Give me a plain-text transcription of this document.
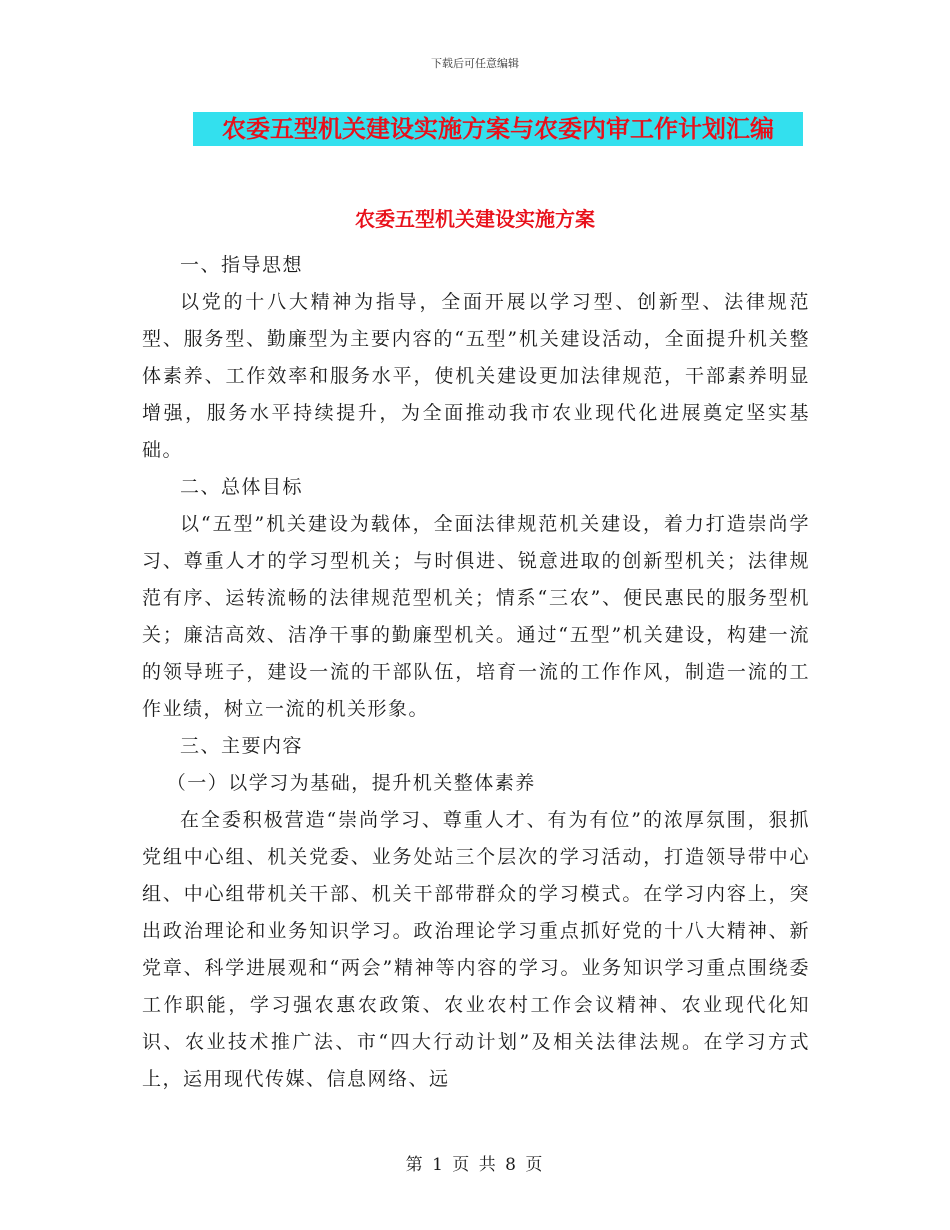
下载后可任意编辑
农委五型机关建设实施方案与农委内审工作计划汇编
农委五型机关建设实施方案

一、指导思想

以党的十八大精神为指导，全面开展以学习型、创新型、法律规范型、服务型、勤廉型为主要内容的“五型”机关建设活动，全面提升机关整体素养、工作效率和服务水平，使机关建设更加法律规范，干部素养明显增强，服务水平持续提升，为全面推动我市农业现代化进展奠定坚实基础。

二、总体目标

以“五型”机关建设为载体，全面法律规范机关建设，着力打造崇尚学习、尊重人才的学习型机关；与时俱进、锐意进取的创新型机关；法律规范有序、运转流畅的法律规范型机关；情系“三农”、便民惠民的服务型机关；廉洁高效、洁净干事的勤廉型机关。通过“五型”机关建设，构建一流的领导班子，建设一流的干部队伍，培育一流的工作作风，制造一流的工作业绩，树立一流的机关形象。

三、主要内容

（一）以学习为基础，提升机关整体素养

在全委积极营造“崇尚学习、尊重人才、有为有位”的浓厚氛围，狠抓党组中心组、机关党委、业务处站三个层次的学习活动，打造领导带中心组、中心组带机关干部、机关干部带群众的学习模式。在学习内容上，突出政治理论和业务知识学习。政治理论学习重点抓好党的十八大精神、新党章、科学进展观和“两会”精神等内容的学习。业务知识学习重点围绕委工作职能，学习强农惠农政策、农业农村工作会议精神、农业现代化知识、农业技术推广法、市“四大行动计划”及相关法律法规。在学习方式上，运用现代传媒、信息网络、远

第 1 页 共 8 页
